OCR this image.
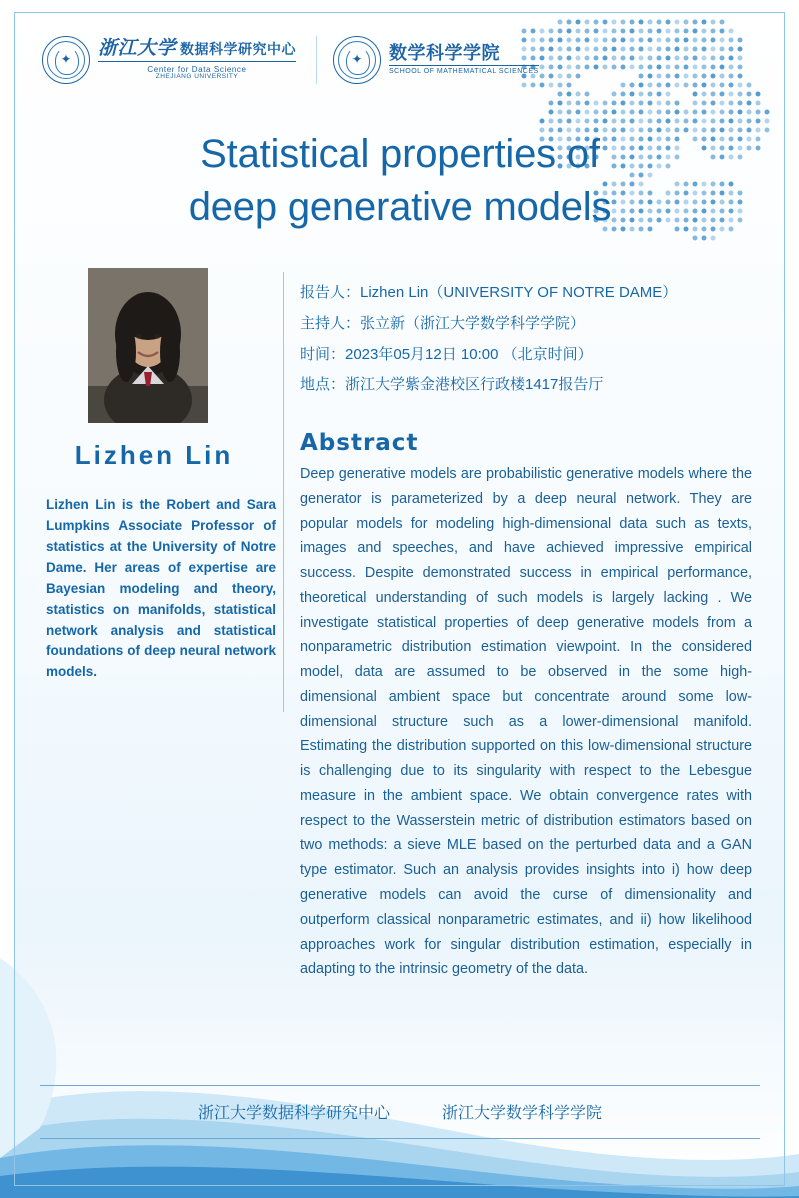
✦
浙江大学 数据科学研究中心
Center for Data Science
ZHEJIANG UNIVERSITY
✦ 数学科学学院
SCHOOL OF MATHEMATICAL SCIENCES
Statistical properties of
deep generative models
Lizhen Lin
Lizhen Lin is the Robert and Sara Lumpkins Associate Professor of statistics at the University of Notre Dame. Her areas of expertise are Bayesian modeling and theory, statistics on manifolds, statistical network analysis and statistical foundations of deep neural network models.
报告人：Lizhen Lin（UNIVERSITY OF NOTRE DAME）
主持人：张立新（浙江大学数学科学学院）
时间：2023年05月12日 10:00 （北京时间）
地点：浙江大学紫金港校区行政楼1417报告厅
Abstract
Deep generative models are probabilistic generative models where the generator is parameterized by a deep neural network. They are popular models for modeling high-dimensional data such as texts, images and speeches, and have achieved impressive empirical success. Despite demonstrated success in empirical performance, theoretical understanding of such models is largely lacking . We investigate statistical properties of deep generative models from a nonparametric distribution estimation viewpoint. In the considered model, data are assumed to be observed in the some high-dimensional ambient space but concentrate around some low-dimensional structure such as a lower-dimensional manifold. Estimating the distribution supported on this low-dimensional structure is challenging due to its singularity with respect to the Lebesgue measure in the ambient space. We obtain convergence rates with respect to the Wasserstein metric of distribution estimators based on two methods: a sieve MLE based on the perturbed data and a GAN type estimator. Such an analysis provides insights into i) how deep generative models can avoid the curse of dimensionality and outperform classical nonparametric estimates, and ii) how likelihood approaches work for singular distribution estimation, especially in adapting to the intrinsic geometry of the data.
浙江大学数据科学研究中心	浙江大学数学科学学院
